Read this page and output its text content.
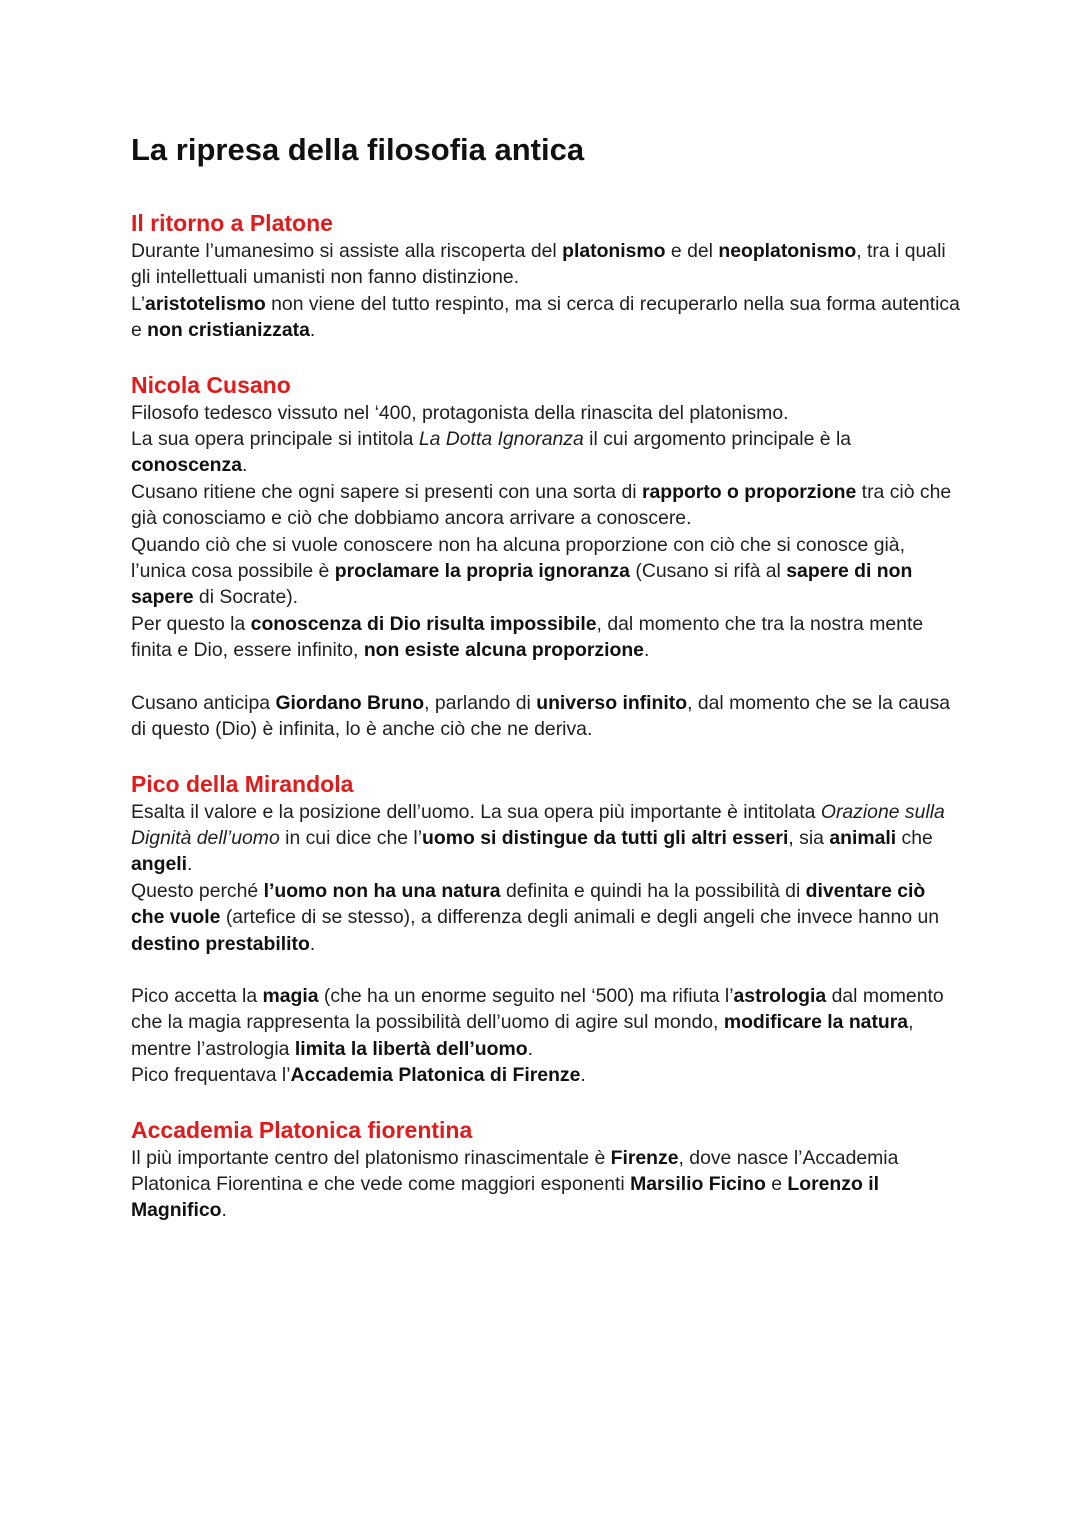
La ripresa della filosofia antica
Il ritorno a Platone

Durante l’umanesimo si assiste alla riscoperta del platonismo e del neoplatonismo, tra i quali gli intellettuali umanisti non fanno distinzione.
L’aristotelismo non viene del tutto respinto, ma si cerca di recuperarlo nella sua forma autentica e non cristianizzata.

Nicola Cusano

Filosofo tedesco vissuto nel ‘400, protagonista della rinascita del platonismo.
La sua opera principale si intitola La Dotta Ignoranza il cui argomento principale è la conoscenza.
Cusano ritiene che ogni sapere si presenti con una sorta di rapporto o proporzione tra ciò che già conosciamo e ciò che dobbiamo ancora arrivare a conoscere.
Quando ciò che si vuole conoscere non ha alcuna proporzione con ciò che si conosce già, l’unica cosa possibile è proclamare la propria ignoranza (Cusano si rifà al sapere di non sapere di Socrate).
Per questo la conoscenza di Dio risulta impossibile, dal momento che tra la nostra mente finita e Dio, essere infinito, non esiste alcuna proporzione.

Cusano anticipa Giordano Bruno, parlando di universo infinito, dal momento che se la causa di questo (Dio) è infinita, lo è anche ciò che ne deriva.

Pico della Mirandola

Esalta il valore e la posizione dell’uomo. La sua opera più importante è intitolata Orazione sulla Dignità dell’uomo in cui dice che l’uomo si distingue da tutti gli altri esseri, sia animali che angeli.
Questo perché l’uomo non ha una natura definita e quindi ha la possibilità di diventare ciò che vuole (artefice di se stesso), a differenza degli animali e degli angeli che invece hanno un destino prestabilito.

Pico accetta la magia (che ha un enorme seguito nel ‘500) ma rifiuta l’astrologia dal momento che la magia rappresenta la possibilità dell’uomo di agire sul mondo, modificare la natura, mentre l’astrologia limita la libertà dell’uomo.
Pico frequentava l’Accademia Platonica di Firenze.

Accademia Platonica fiorentina

Il più importante centro del platonismo rinascimentale è Firenze, dove nasce l’Accademia Platonica Fiorentina e che vede come maggiori esponenti Marsilio Ficino e Lorenzo il Magnifico.
